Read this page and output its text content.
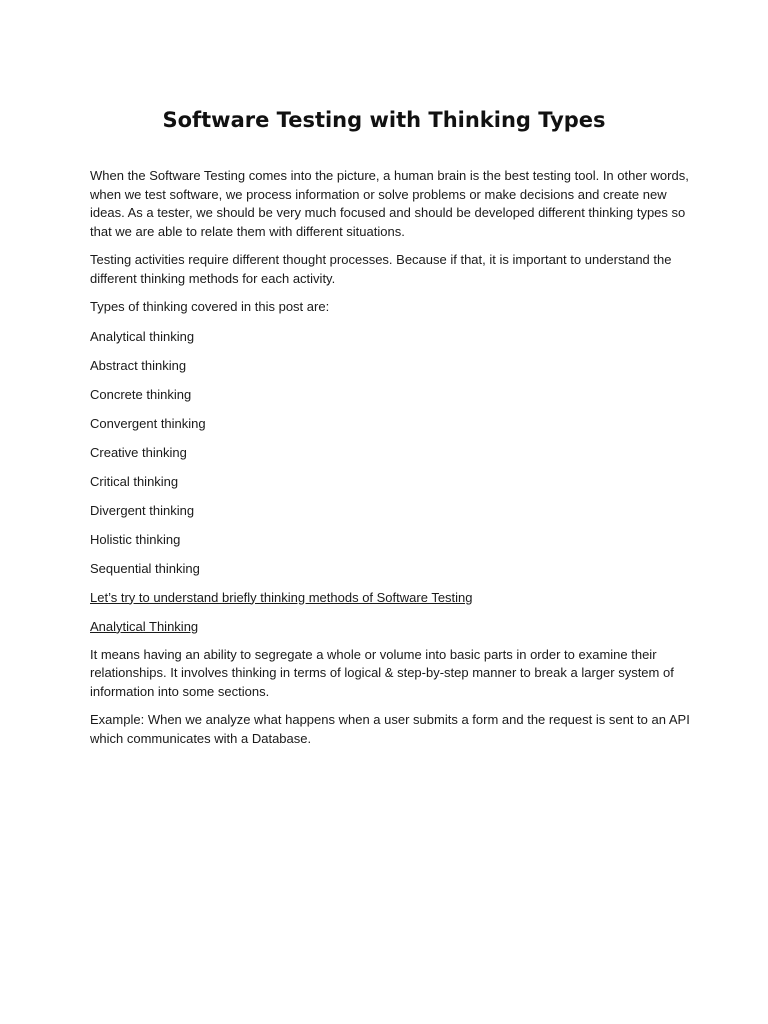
Software Testing with Thinking Types

When the Software Testing comes into the picture, a human brain is the best testing tool. In other words, when we test software, we process information or solve problems or make decisions and create new ideas. As a tester, we should be very much focused and should be developed different thinking types so that we are able to relate them with different situations.

Testing activities require different thought processes. Because if that, it is important to understand the different thinking methods for each activity.

Types of thinking covered in this post are:

Analytical thinking
Abstract thinking
Concrete thinking
Convergent thinking
Creative thinking
Critical thinking
Divergent thinking
Holistic thinking
Sequential thinking
Let’s try to understand briefly thinking methods of Software Testing
Analytical Thinking

It means having an ability to segregate a whole or volume into basic parts in order to examine their relationships. It involves thinking in terms of logical & step-by-step manner to break a larger system of information into some sections.

Example: When we analyze what happens when a user submits a form and the request is sent to an API which communicates with a Database.
